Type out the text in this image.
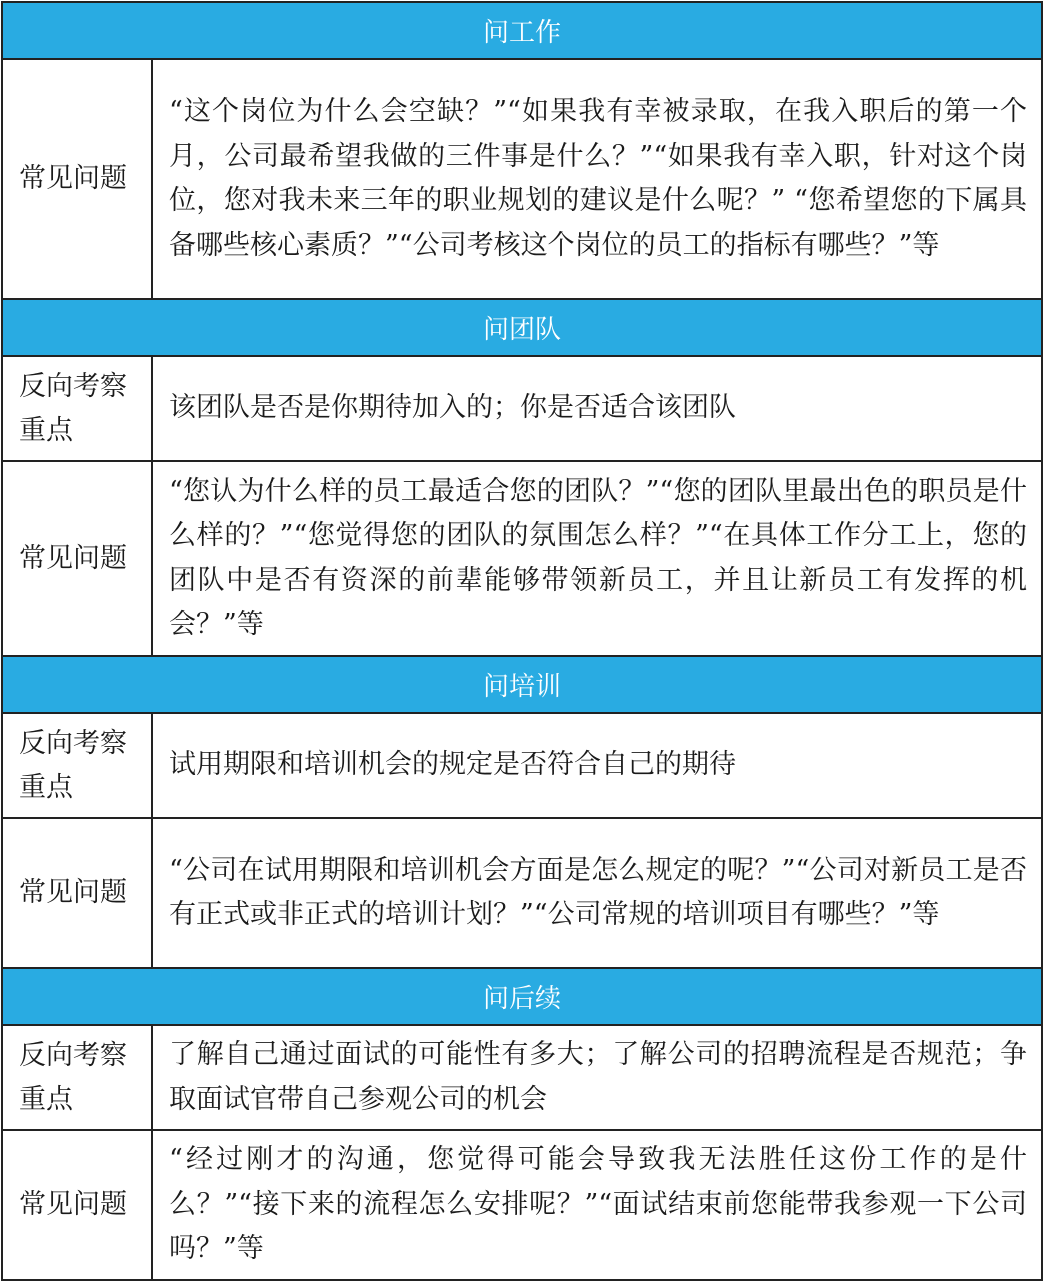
问工作
常见问题
“这个岗位为什么会空缺？”“如果我有幸被录取，在我入职后的第一个月，公司最希望我做的三件事是什么？”“如果我有幸入职，针对这个岗位，您对我未来三年的职业规划的建议是什么呢？” “您希望您的下属具备哪些核心素质？”“公司考核这个岗位的员工的指标有哪些？”等
问团队
反向考察重点
该团队是否是你期待加入的；你是否适合该团队
常见问题
“您认为什么样的员工最适合您的团队？”“您的团队里最出色的职员是什么样的？”“您觉得您的团队的氛围怎么样？”“在具体工作分工上，您的团队中是否有资深的前辈能够带领新员工，并且让新员工有发挥的机会？”等
问培训
反向考察重点
试用期限和培训机会的规定是否符合自己的期待
常见问题
“公司在试用期限和培训机会方面是怎么规定的呢？”“公司对新员工是否有正式或非正式的培训计划？”“公司常规的培训项目有哪些？”等
问后续
反向考察重点
了解自己通过面试的可能性有多大；了解公司的招聘流程是否规范；争取面试官带自己参观公司的机会
常见问题
“经过刚才的沟通，您觉得可能会导致我无法胜任这份工作的是什么？”“接下来的流程怎么安排呢？”“面试结束前您能带我参观一下公司吗？”等
